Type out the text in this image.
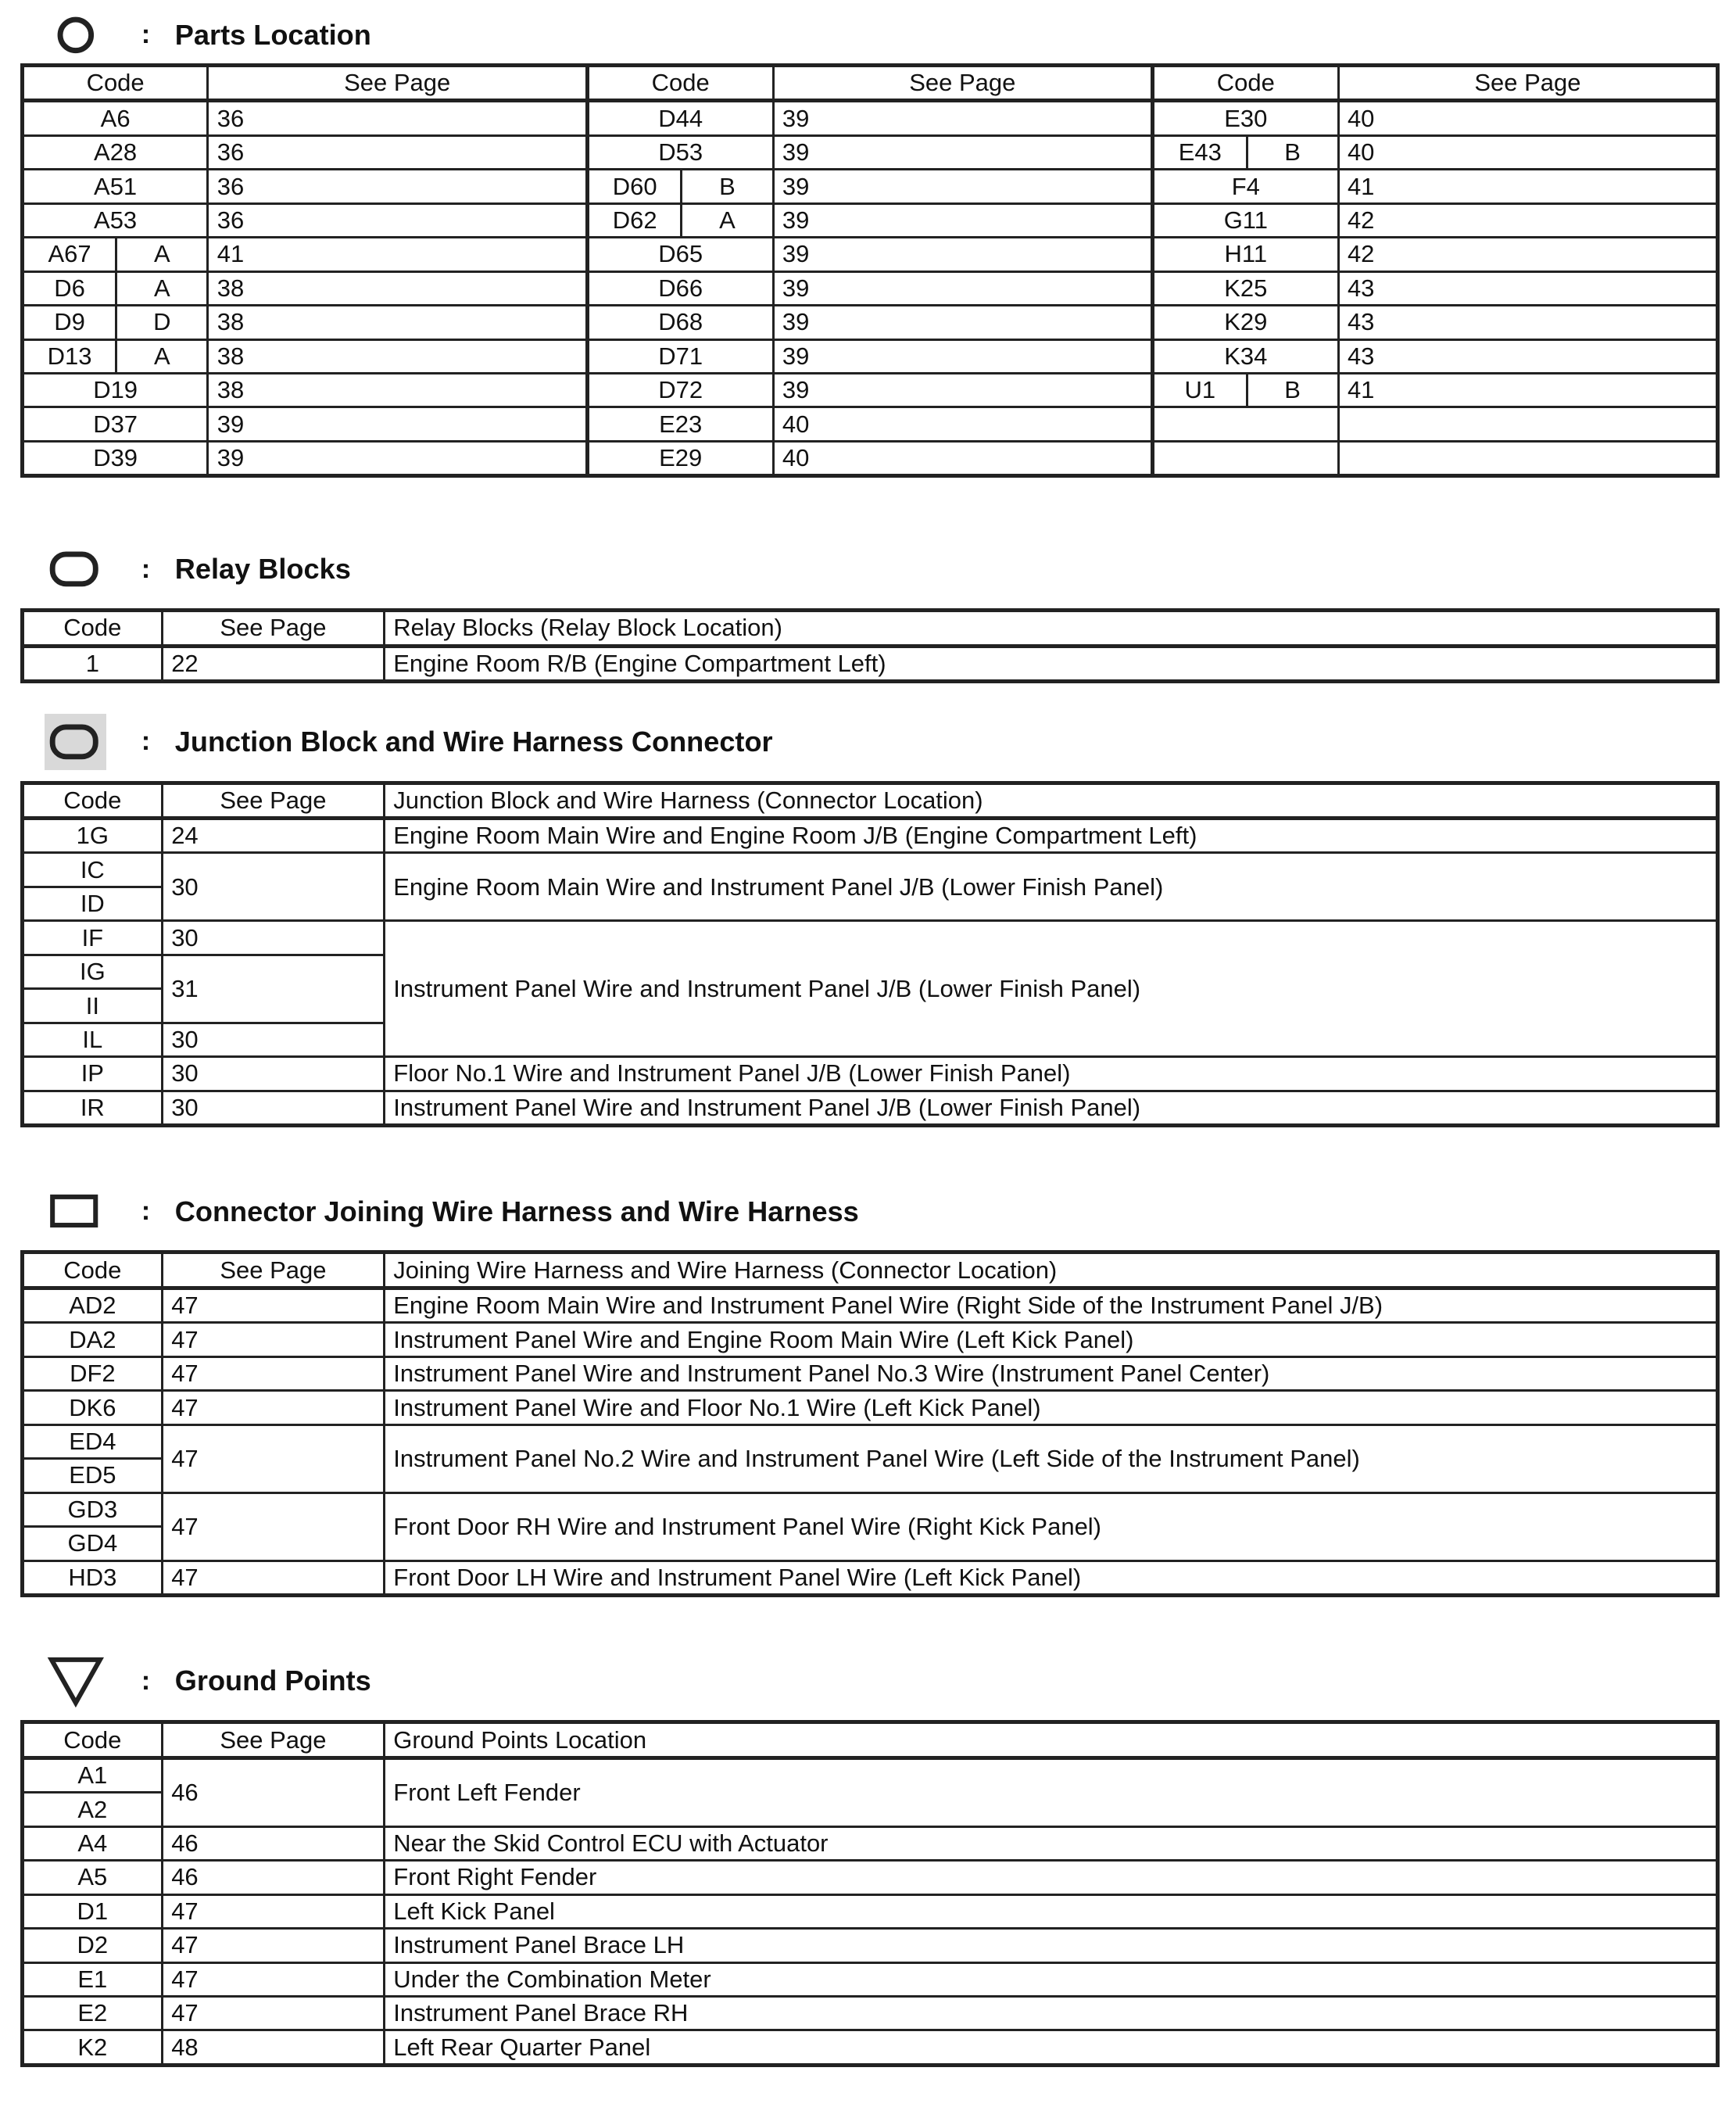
: Parts Location
Code		See Page	Code		See Page	Code		See Page
A6		36	D44		39	E30		40
A28		36	D53		39	E43	B	40
A51		36	D60	B	39	F4		41
A53		36	D62	A	39	G11		42
A67	A	41	D65		39	H11		42
D6	A	38	D66		39	K25		43
D9	D	38	D68		39	K29		43
D13	A	38	D71		39	K34		43
D19		38	D72		39	U1	B	41
D37		39	E23		40			
D39		39	E29		40			
: Relay Blocks
Code	See Page	Relay Blocks (Relay Block Location)
1	22	Engine Room R/B (Engine Compartment Left)
: Junction Block and Wire Harness Connector
Code	See Page	Junction Block and Wire Harness (Connector Location)
1G	24	Engine Room Main Wire and Engine Room J/B (Engine Compartment Left)
IC	30	Engine Room Main Wire and Instrument Panel J/B (Lower Finish Panel)
ID		
IF	30	Instrument Panel Wire and Instrument Panel J/B (Lower Finish Panel)
IG	31	
II		
IL	30	
IP	30	Floor No.1 Wire and Instrument Panel J/B (Lower Finish Panel)
IR	30	Instrument Panel Wire and Instrument Panel J/B (Lower Finish Panel)
: Connector Joining Wire Harness and Wire Harness
Code	See Page	Joining Wire Harness and Wire Harness (Connector Location)
AD2	47	Engine Room Main Wire and Instrument Panel Wire (Right Side of the Instrument Panel J/B)
DA2	47	Instrument Panel Wire and Engine Room Main Wire (Left Kick Panel)
DF2	47	Instrument Panel Wire and Instrument Panel No.3 Wire (Instrument Panel Center)
DK6	47	Instrument Panel Wire and Floor No.1 Wire (Left Kick Panel)
ED4	47	Instrument Panel No.2 Wire and Instrument Panel Wire (Left Side of the Instrument Panel)
ED5		
GD3	47	Front Door RH Wire and Instrument Panel Wire (Right Kick Panel)
GD4		
HD3	47	Front Door LH Wire and Instrument Panel Wire (Left Kick Panel)
: Ground Points
Code	See Page	Ground Points Location
A1	46	Front Left Fender
A2		
A4	46	Near the Skid Control ECU with Actuator
A5	46	Front Right Fender
D1	47	Left Kick Panel
D2	47	Instrument Panel Brace LH
E1	47	Under the Combination Meter
E2	47	Instrument Panel Brace RH
K2	48	Left Rear Quarter Panel
